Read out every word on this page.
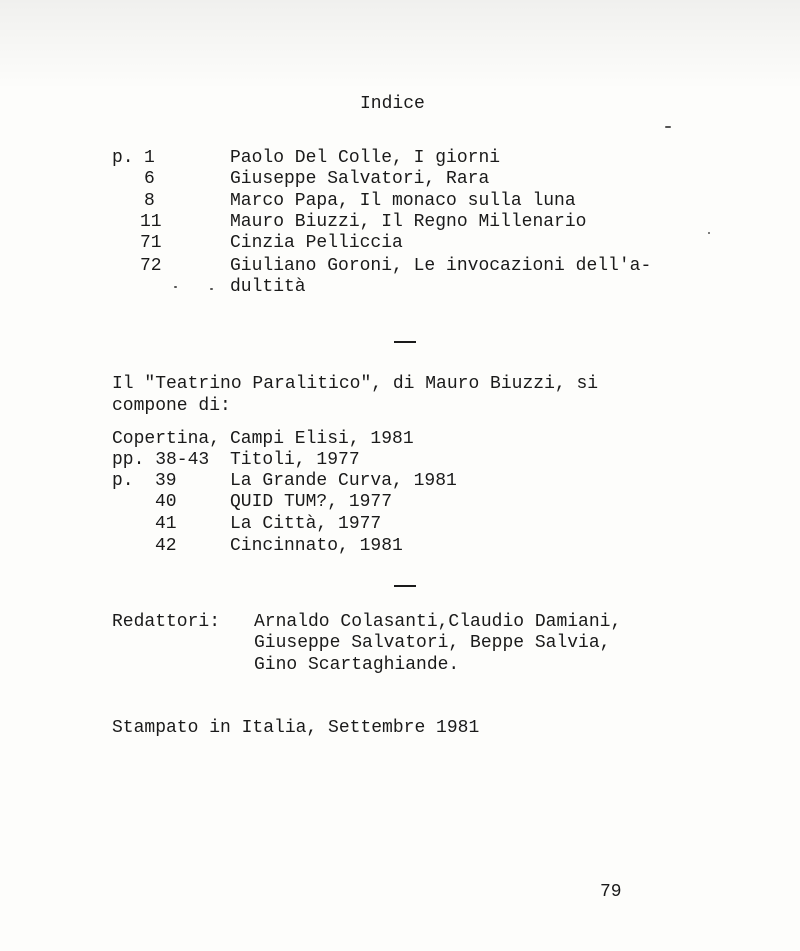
Indice
p. 1	Paolo Del Colle, I giorni
6	Giuseppe Salvatori, Rara
8	Marco Papa, Il monaco sulla luna
11	Mauro Biuzzi, Il Regno Millenario
71	Cinzia Pelliccia
72	Giuliano Goroni, Le invocazioni dell'a-
dultità
Il "Teatrino Paralitico", di Mauro Biuzzi, si
compone di:
Copertina, Campi Elisi, 1981
pp. 38-43 Titoli, 1977
p. 39	La Grande Curva, 1981
40	QUID TUM?, 1977
41	La Città, 1977
42	Cincinnato, 1981
Redattori: Arnaldo Colasanti,Claudio Damiani,
Giuseppe Salvatori, Beppe Salvia,
Gino Scartaghiande.
Stampato in Italia, Settembre 1981
79
